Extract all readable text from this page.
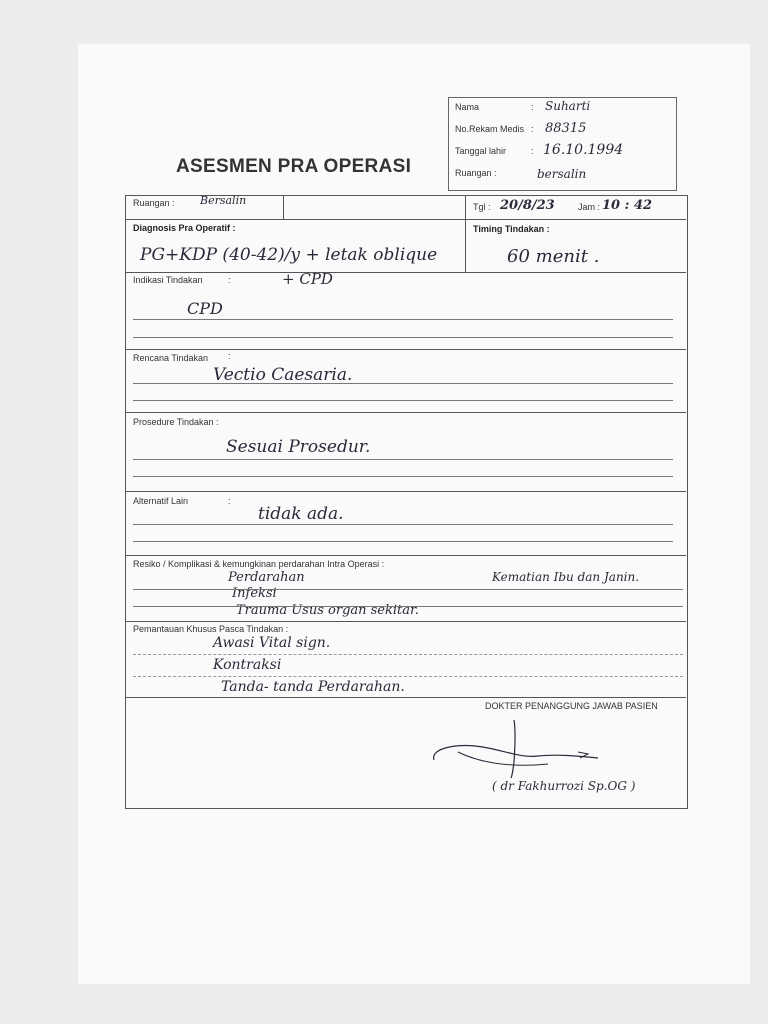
ASESMEN PRA OPERASI
Nama	: Suharti
No.Rekam Medis : 88315
Tanggal lahir	: 16.10.1994
Ruangan :	bersalin
Ruangan : Bersalin	Tgl : 20/8/23	Jam : 10 : 42
Diagnosis Pra Operatif :
PG+KDP (40-42)/y + letak oblique
+ CPD
Timing Tindakan :
60 menit .
Indikasi Tindakan	:
CPD
Rencana Tindakan :
Vectio Caesaria.
Prosedure Tindakan :
Sesuai Prosedur.
Alternatif Lain	:
tidak ada.
Resiko / Komplikasi & kemungkinan perdarahan Intra Operasi :
Perdarahan
Infeksi
Trauma Usus organ sekitar.
Kematian Ibu dan Janin.
Pemantauan Khusus Pasca Tindakan :
Awasi Vital sign.
Kontraksi
Tanda- tanda Perdarahan.
DOKTER PENANGGUNG JAWAB PASIEN
( dr Fakhurrozi Sp.OG )
